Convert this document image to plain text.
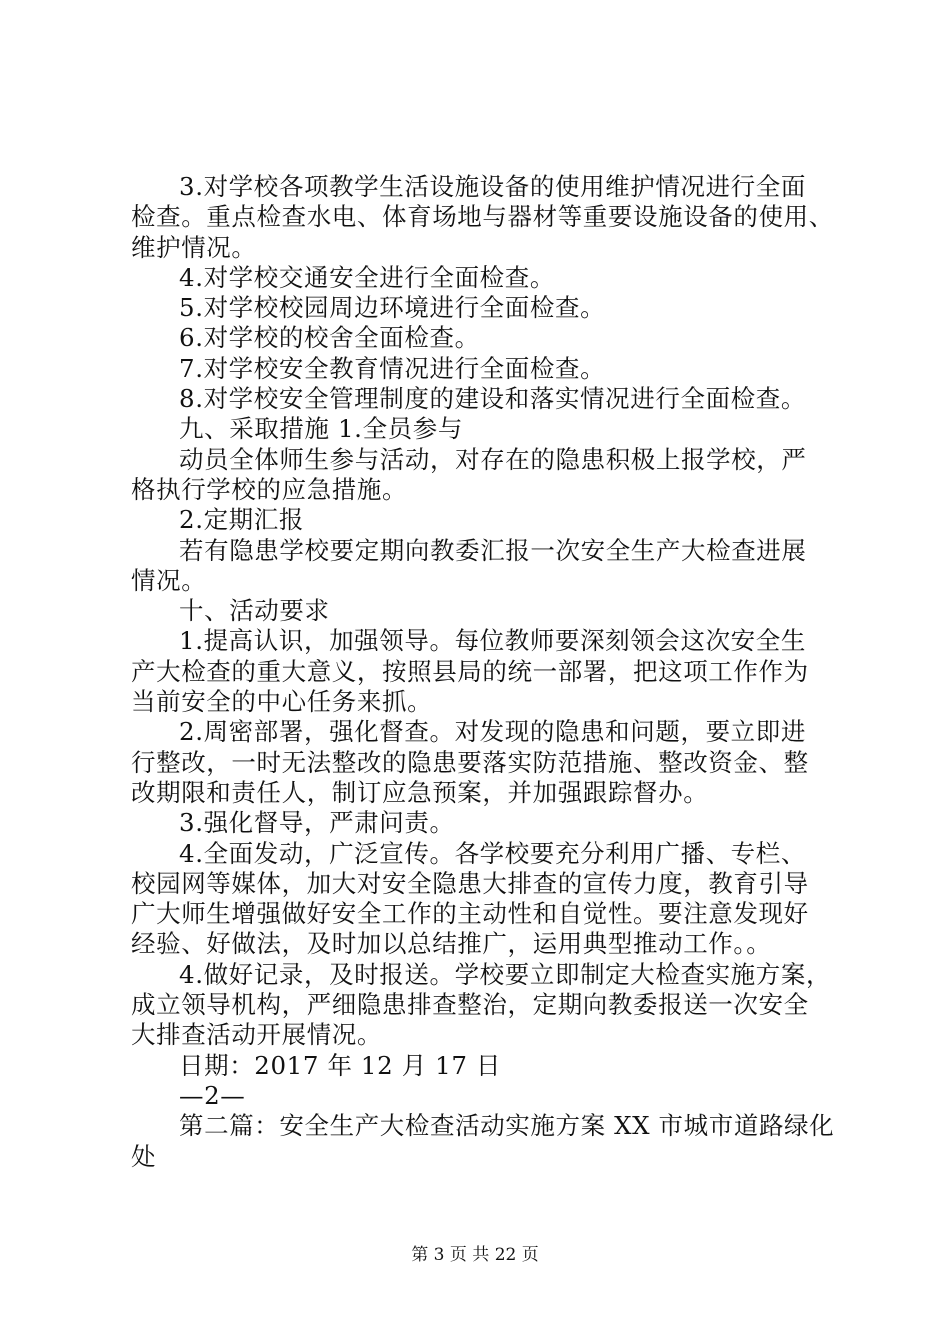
3.对学校各项教学生活设施设备的使用维护情况进行全面
检查。重点检查水电、体育场地与器材等重要设施设备的使用、
维护情况。
4.对学校交通安全进行全面检查。
5.对学校校园周边环境进行全面检查。
6.对学校的校舍全面检查。
7.对学校安全教育情况进行全面检查。
8.对学校安全管理制度的建设和落实情况进行全面检查。
九、采取措施 1.全员参与
动员全体师生参与活动，对存在的隐患积极上报学校，严
格执行学校的应急措施。
2.定期汇报
若有隐患学校要定期向教委汇报一次安全生产大检查进展
情况。
十、活动要求
1.提高认识，加强领导。每位教师要深刻领会这次安全生
产大检查的重大意义，按照县局的统一部署，把这项工作作为
当前安全的中心任务来抓。
2.周密部署，强化督查。对发现的隐患和问题，要立即进
行整改，一时无法整改的隐患要落实防范措施、整改资金、整
改期限和责任人，制订应急预案，并加强跟踪督办。
3.强化督导，严肃问责。
4.全面发动，广泛宣传。各学校要充分利用广播、专栏、
校园网等媒体，加大对安全隐患大排查的宣传力度，教育引导
广大师生增强做好安全工作的主动性和自觉性。要注意发现好
经验、好做法，及时加以总结推广，运用典型推动工作。。
4.做好记录，及时报送。学校要立即制定大检查实施方案，
成立领导机构，严细隐患排查整治，定期向教委报送一次安全
大排查活动开展情况。
日期：2017 年 12 月 17 日
—2—
第二篇：安全生产大检查活动实施方案 XX 市城市道路绿化
处
第 3 页 共 22 页
